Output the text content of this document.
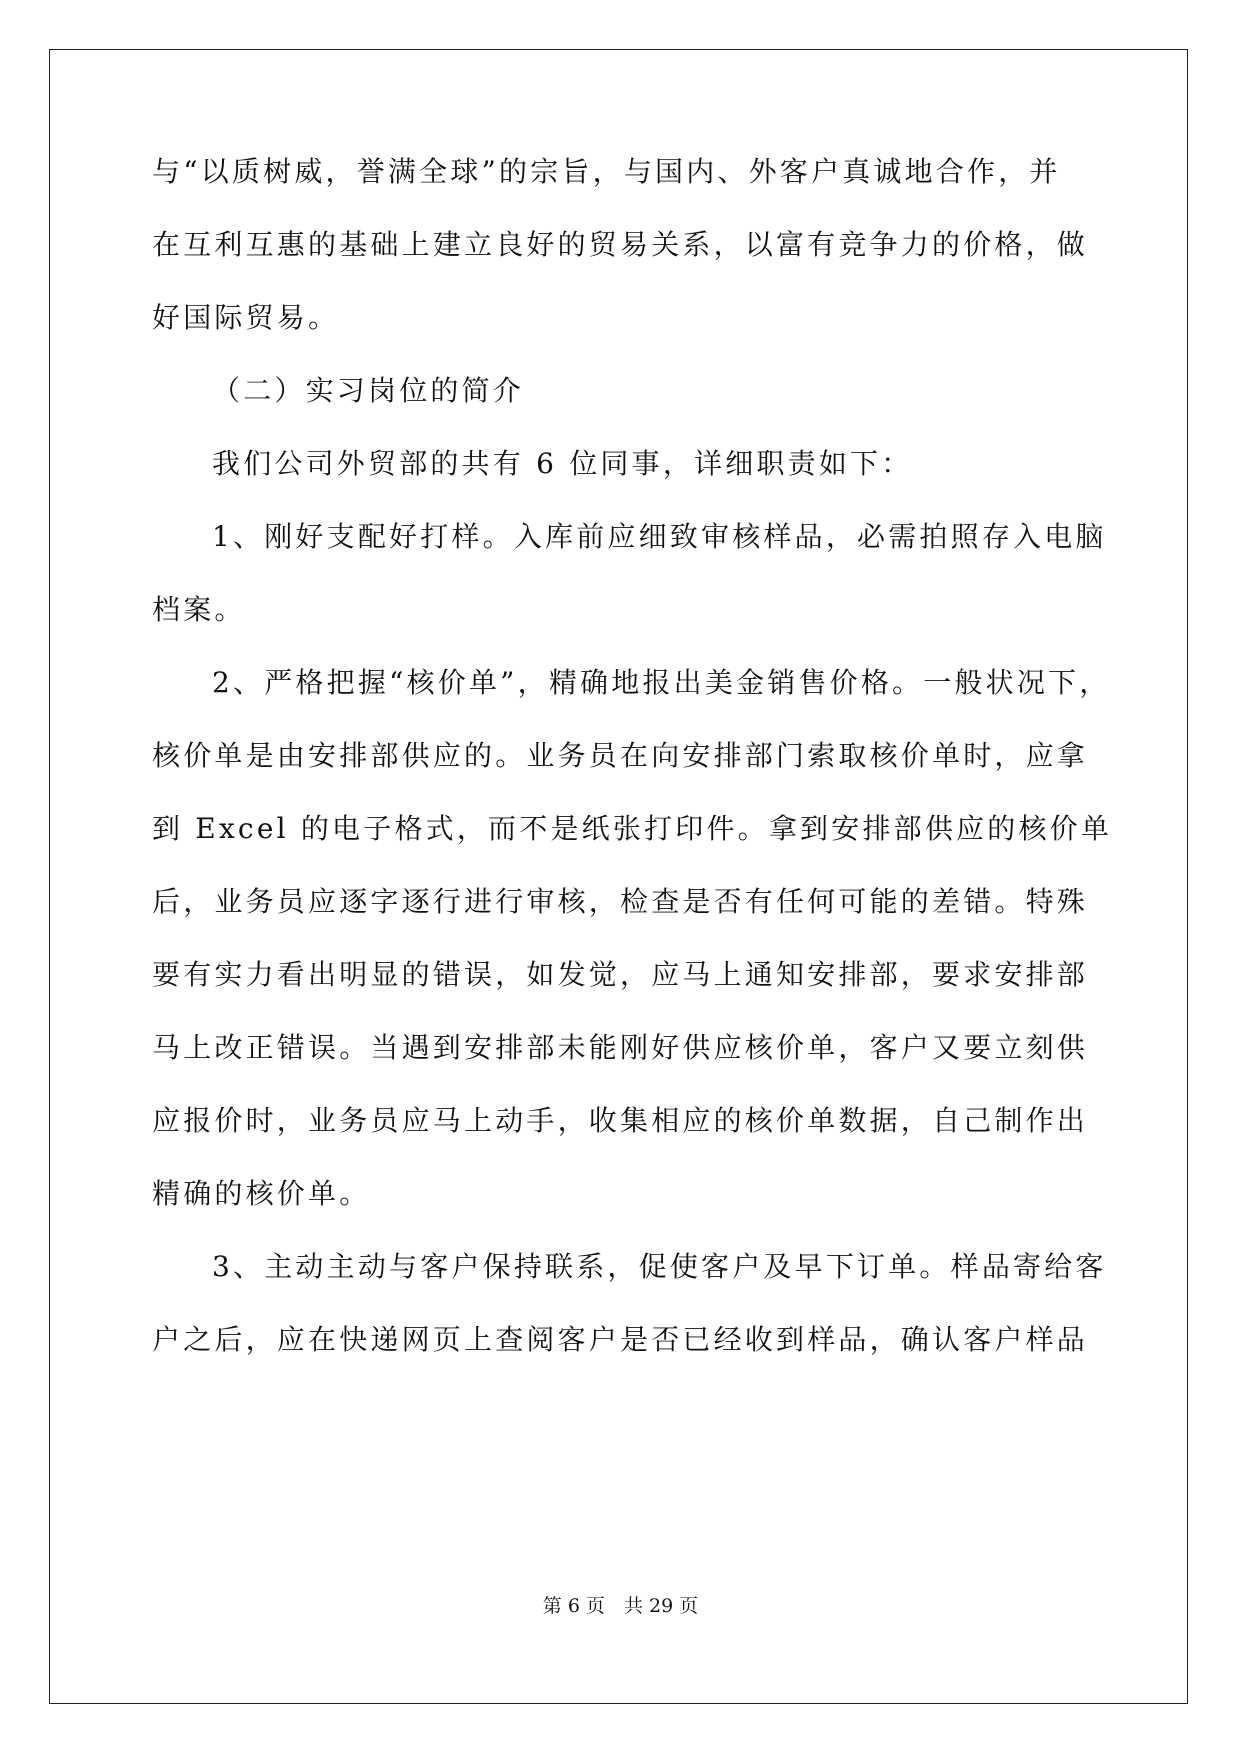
与“以质树威，誉满全球”的宗旨，与国内、外客户真诚地合作，并
在互利互惠的基础上建立良好的贸易关系，以富有竞争力的价格，做
好国际贸易。
（二）实习岗位的简介
我们公司外贸部的共有 6 位同事，详细职责如下：
1、刚好支配好打样。入库前应细致审核样品，必需拍照存入电脑
档案。
2、严格把握“核价单”，精确地报出美金销售价格。一般状况下，
核价单是由安排部供应的。业务员在向安排部门索取核价单时，应拿
到 Excel 的电子格式，而不是纸张打印件。拿到安排部供应的核价单
后，业务员应逐字逐行进行审核，检查是否有任何可能的差错。特殊
要有实力看出明显的错误，如发觉，应马上通知安排部，要求安排部
马上改正错误。当遇到安排部未能刚好供应核价单，客户又要立刻供
应报价时，业务员应马上动手，收集相应的核价单数据，自己制作出
精确的核价单。
3、主动主动与客户保持联系，促使客户及早下订单。样品寄给客
户之后，应在快递网页上查阅客户是否已经收到样品，确认客户样品
第 6 页　共 29 页
